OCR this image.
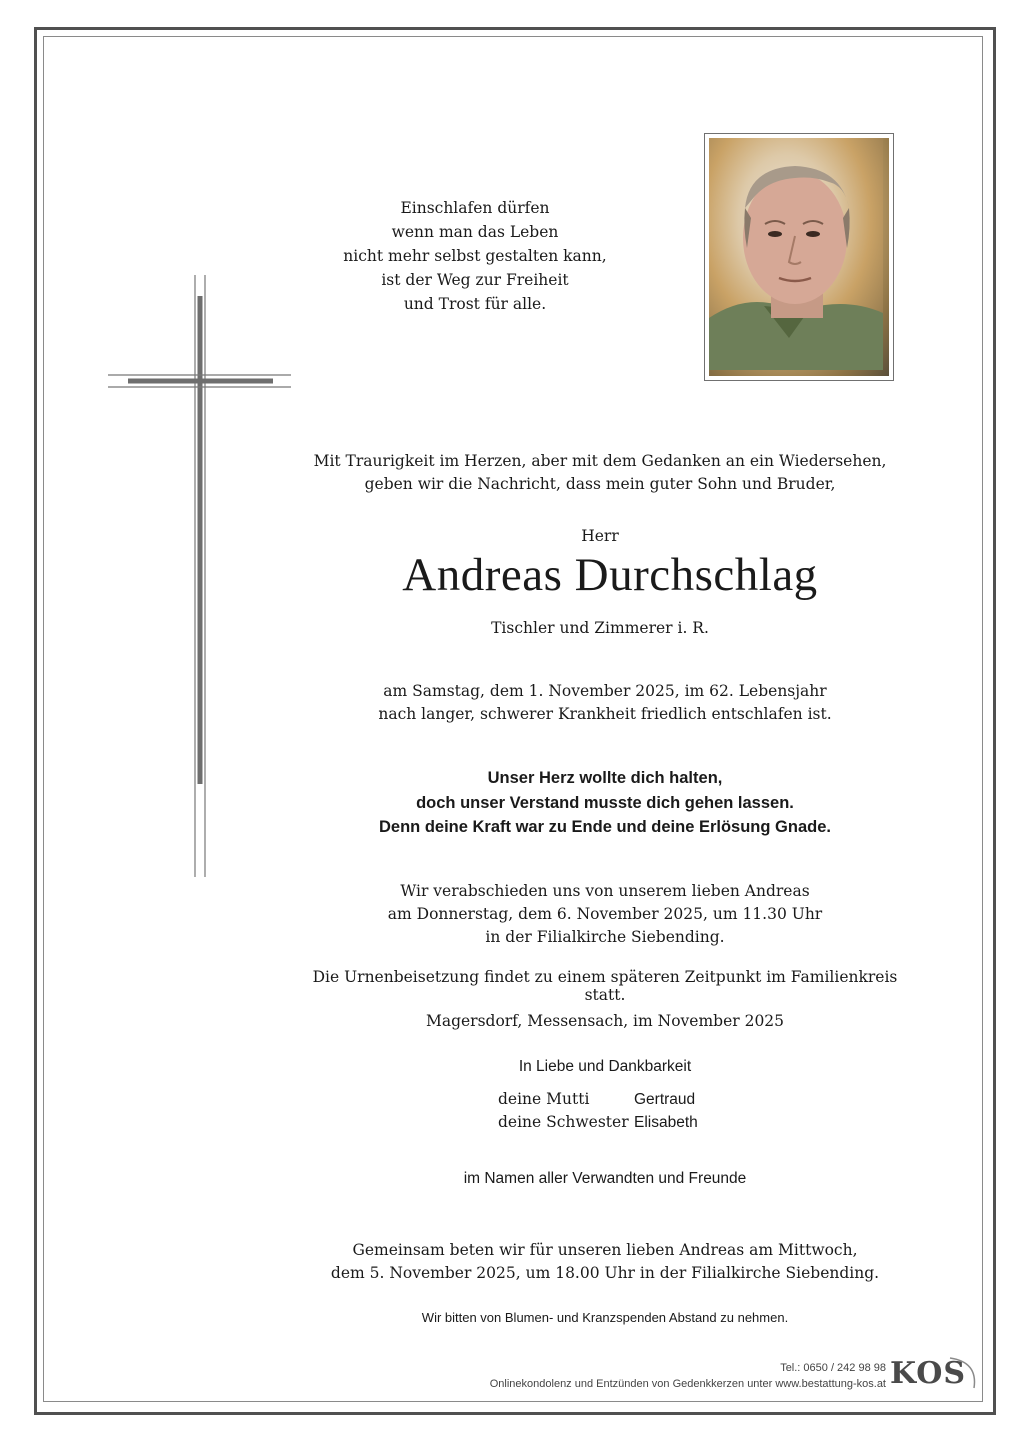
Einschlafen dürfen
wenn man das Leben
nicht mehr selbst gestalten kann,
ist der Weg zur Freiheit
und Trost für alle.
Mit Traurigkeit im Herzen, aber mit dem Gedanken an ein Wiedersehen,
geben wir die Nachricht, dass mein guter Sohn und Bruder,
Herr
Andreas Durchschlag
Tischler und Zimmerer i. R.
am Samstag, dem 1. November 2025, im 62. Lebensjahr
nach langer, schwerer Krankheit friedlich entschlafen ist.
Unser Herz wollte dich halten,
doch unser Verstand musste dich gehen lassen.
Denn deine Kraft war zu Ende und deine Erlösung Gnade.
Wir verabschieden uns von unserem lieben Andreas
am Donnerstag, dem 6. November 2025, um 11.30 Uhr
in der Filialkirche Siebending.
Die Urnenbeisetzung findet zu einem späteren Zeitpunkt im Familienkreis statt.
Magersdorf, Messensach, im November 2025
In Liebe und Dankbarkeit
deine Mutti	Gertraud
deine Schwester Elisabeth
im Namen aller Verwandten und Freunde
Gemeinsam beten wir für unseren lieben Andreas am Mittwoch,
dem 5. November 2025, um 18.00 Uhr in der Filialkirche Siebending.
Wir bitten von Blumen- und Kranzspenden Abstand zu nehmen.
Tel.: 0650 / 242 98 98
Onlinekondolenz und Entzünden von Gedenkkerzen unter www.bestattung-kos.at KOS
